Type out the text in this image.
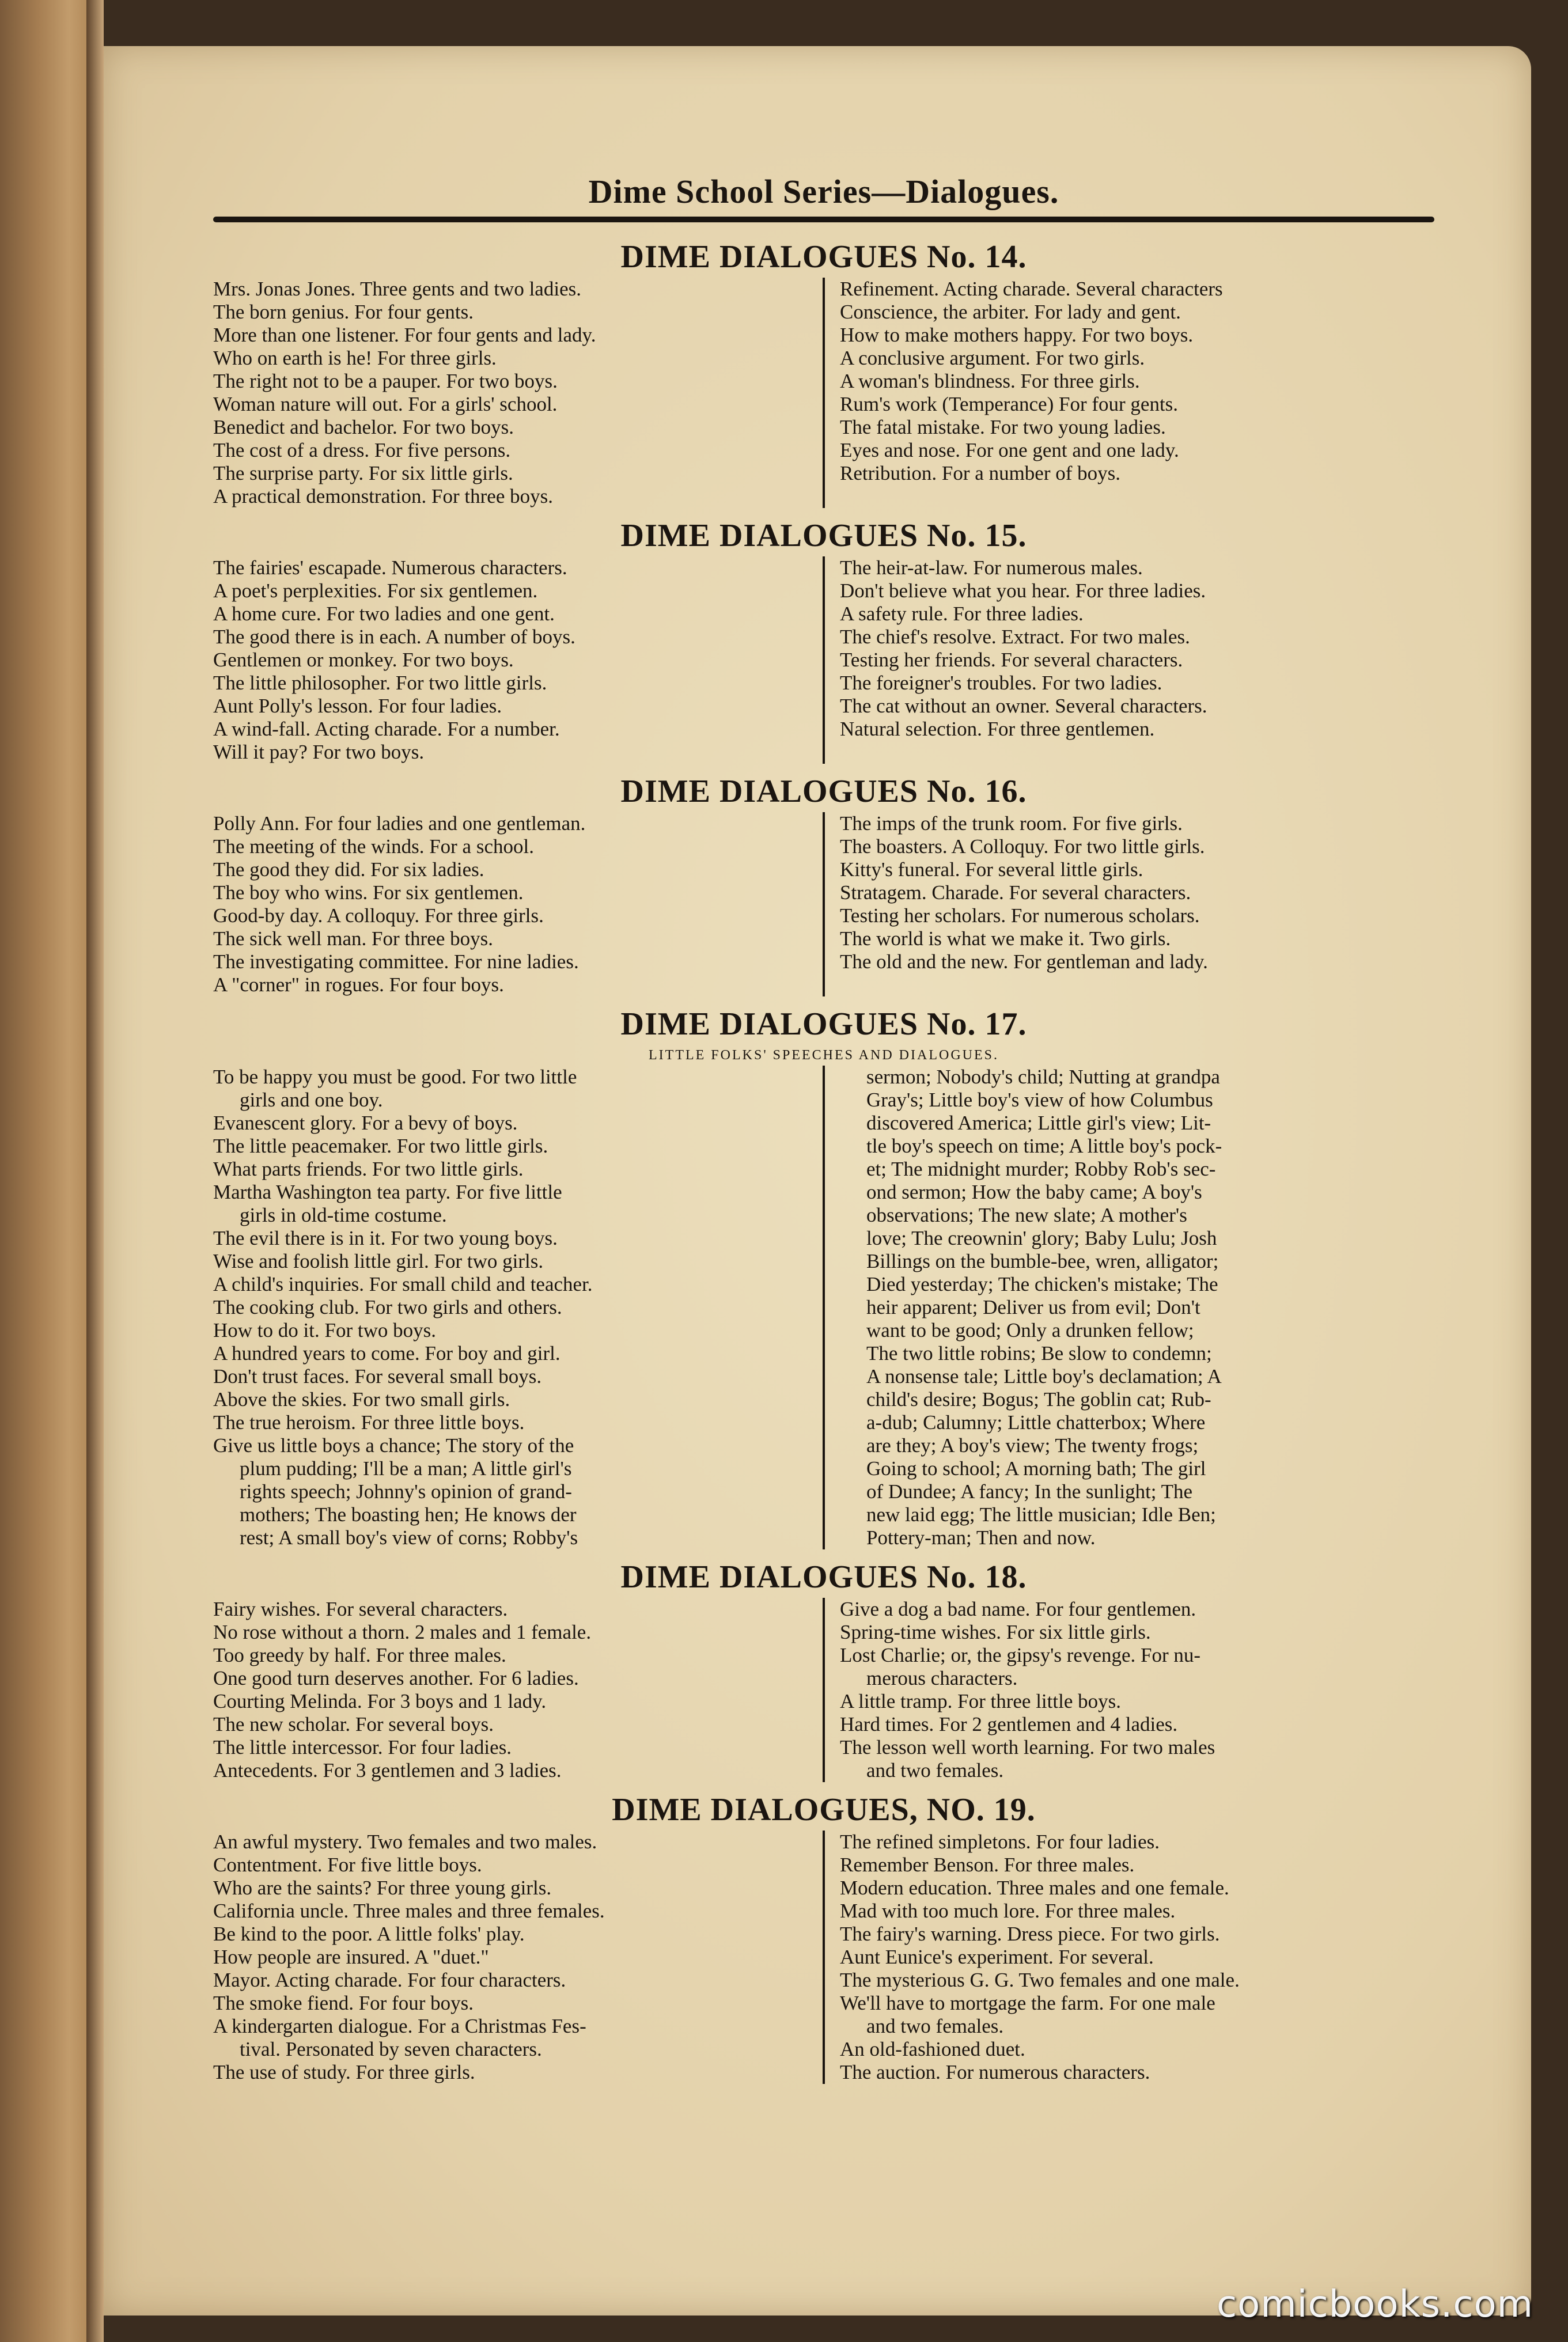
Dime School Series—Dialogues.
DIME DIALOGUES No. 14.
Mrs. Jonas Jones. Three gents and two ladies.
The born genius. For four gents.
More than one listener. For four gents and lady.
Who on earth is he! For three girls.
The right not to be a pauper. For two boys.
Woman nature will out. For a girls' school.
Benedict and bachelor. For two boys.
The cost of a dress. For five persons.
The surprise party. For six little girls.
A practical demonstration. For three boys.
Refinement. Acting charade. Several characters
Conscience, the arbiter. For lady and gent.
How to make mothers happy. For two boys.
A conclusive argument. For two girls.
A woman's blindness. For three girls.
Rum's work (Temperance) For four gents.
The fatal mistake. For two young ladies.
Eyes and nose. For one gent and one lady.
Retribution. For a number of boys.
DIME DIALOGUES No. 15.
The fairies' escapade. Numerous characters.
A poet's perplexities. For six gentlemen.
A home cure. For two ladies and one gent.
The good there is in each. A number of boys.
Gentlemen or monkey. For two boys.
The little philosopher. For two little girls.
Aunt Polly's lesson. For four ladies.
A wind-fall. Acting charade. For a number.
Will it pay? For two boys.
The heir-at-law. For numerous males.
Don't believe what you hear. For three ladies.
A safety rule. For three ladies.
The chief's resolve. Extract. For two males.
Testing her friends. For several characters.
The foreigner's troubles. For two ladies.
The cat without an owner. Several characters.
Natural selection. For three gentlemen.
DIME DIALOGUES No. 16.
Polly Ann. For four ladies and one gentleman.
The meeting of the winds. For a school.
The good they did. For six ladies.
The boy who wins. For six gentlemen.
Good-by day. A colloquy. For three girls.
The sick well man. For three boys.
The investigating committee. For nine ladies.
A "corner" in rogues. For four boys.
The imps of the trunk room. For five girls.
The boasters. A Colloquy. For two little girls.
Kitty's funeral. For several little girls.
Stratagem. Charade. For several characters.
Testing her scholars. For numerous scholars.
The world is what we make it. Two girls.
The old and the new. For gentleman and lady.
DIME DIALOGUES No. 17.
LITTLE FOLKS' SPEECHES AND DIALOGUES.
To be happy you must be good. For two little
girls and one boy.
Evanescent glory. For a bevy of boys.
The little peacemaker. For two little girls.
What parts friends. For two little girls.
Martha Washington tea party. For five little
girls in old-time costume.
The evil there is in it. For two young boys.
Wise and foolish little girl. For two girls.
A child's inquiries. For small child and teacher.
The cooking club. For two girls and others.
How to do it. For two boys.
A hundred years to come. For boy and girl.
Don't trust faces. For several small boys.
Above the skies. For two small girls.
The true heroism. For three little boys.
Give us little boys a chance; The story of the
plum pudding; I'll be a man; A little girl's
rights speech; Johnny's opinion of grand-
mothers; The boasting hen; He knows der
rest; A small boy's view of corns; Robby's
sermon; Nobody's child; Nutting at grandpa
Gray's; Little boy's view of how Columbus
discovered America; Little girl's view; Lit-
tle boy's speech on time; A little boy's pock-
et; The midnight murder; Robby Rob's sec-
ond sermon; How the baby came; A boy's
observations; The new slate; A mother's
love; The creownin' glory; Baby Lulu; Josh
Billings on the bumble-bee, wren, alligator;
Died yesterday; The chicken's mistake; The
heir apparent; Deliver us from evil; Don't
want to be good; Only a drunken fellow;
The two little robins; Be slow to condemn;
A nonsense tale; Little boy's declamation; A
child's desire; Bogus; The goblin cat; Rub-
a-dub; Calumny; Little chatterbox; Where
are they; A boy's view; The twenty frogs;
Going to school; A morning bath; The girl
of Dundee; A fancy; In the sunlight; The
new laid egg; The little musician; Idle Ben;
Pottery-man; Then and now.
DIME DIALOGUES No. 18.
Fairy wishes. For several characters.
No rose without a thorn. 2 males and 1 female.
Too greedy by half. For three males.
One good turn deserves another. For 6 ladies.
Courting Melinda. For 3 boys and 1 lady.
The new scholar. For several boys.
The little intercessor. For four ladies.
Antecedents. For 3 gentlemen and 3 ladies.
Give a dog a bad name. For four gentlemen.
Spring-time wishes. For six little girls.
Lost Charlie; or, the gipsy's revenge. For nu-
merous characters.
A little tramp. For three little boys.
Hard times. For 2 gentlemen and 4 ladies.
The lesson well worth learning. For two males
and two females.
DIME DIALOGUES, NO. 19.
An awful mystery. Two females and two males.
Contentment. For five little boys.
Who are the saints? For three young girls.
California uncle. Three males and three females.
Be kind to the poor. A little folks' play.
How people are insured. A "duet."
Mayor. Acting charade. For four characters.
The smoke fiend. For four boys.
A kindergarten dialogue. For a Christmas Fes-
tival. Personated by seven characters.
The use of study. For three girls.
The refined simpletons. For four ladies.
Remember Benson. For three males.
Modern education. Three males and one female.
Mad with too much lore. For three males.
The fairy's warning. Dress piece. For two girls.
Aunt Eunice's experiment. For several.
The mysterious G. G. Two females and one male.
We'll have to mortgage the farm. For one male
and two females.
An old-fashioned duet.
The auction. For numerous characters.
comicbooks.com
